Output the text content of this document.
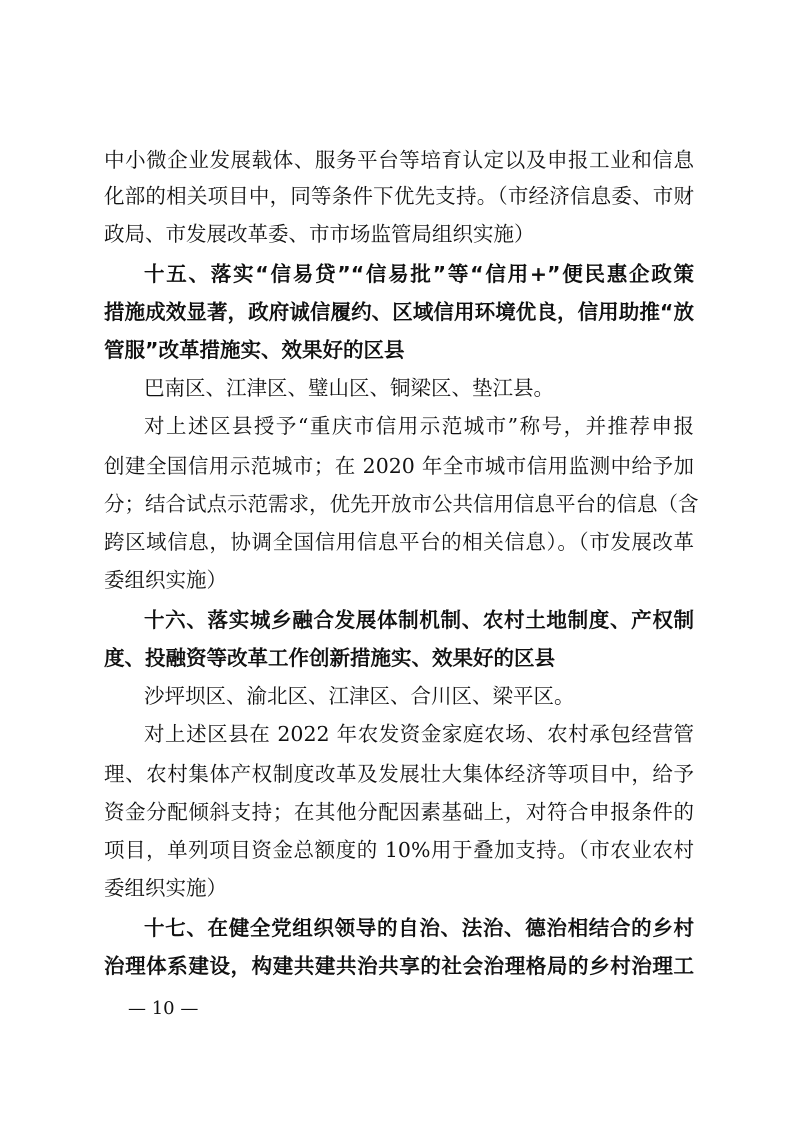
中小微企业发展载体、服务平台等培育认定以及申报工业和信息
化部的相关项目中，同等条件下优先支持。（市经济信息委、市财
政局、市发展改革委、市市场监管局组织实施）
十五、落实“信易贷”“信易批”等“信用+”便民惠企政策
措施成效显著，政府诚信履约、区域信用环境优良，信用助推“放
管服”改革措施实、效果好的区县
巴南区、江津区、璧山区、铜梁区、垫江县。
对上述区县授予“重庆市信用示范城市”称号，并推荐申报
创建全国信用示范城市；在 2020 年全市城市信用监测中给予加
分；结合试点示范需求，优先开放市公共信用信息平台的信息（含
跨区域信息，协调全国信用信息平台的相关信息）。（市发展改革
委组织实施）
十六、落实城乡融合发展体制机制、农村土地制度、产权制
度、投融资等改革工作创新措施实、效果好的区县
沙坪坝区、渝北区、江津区、合川区、梁平区。
对上述区县在 2022 年农发资金家庭农场、农村承包经营管
理、农村集体产权制度改革及发展壮大集体经济等项目中，给予
资金分配倾斜支持；在其他分配因素基础上，对符合申报条件的
项目，单列项目资金总额度的 10%用于叠加支持。（市农业农村
委组织实施）
十七、在健全党组织领导的自治、法治、德治相结合的乡村
治理体系建设，构建共建共治共享的社会治理格局的乡村治理工
— 10 —
